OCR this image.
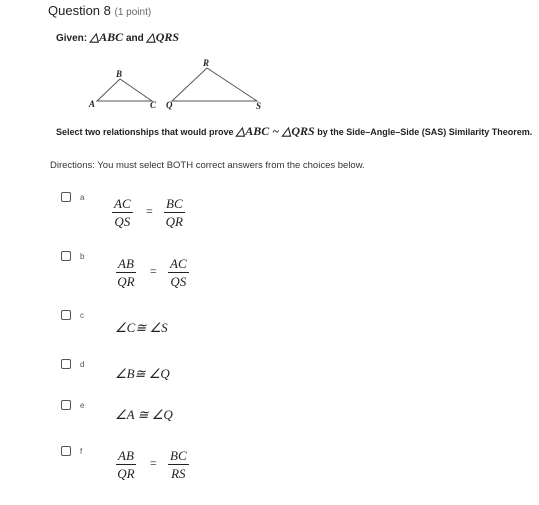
Question 8 (1 point)
Given: △ABC and △QRS
A
B
C Q
R
S
Select two relationships that would prove △ABC ~ △QRS by the Side–Angle–Side (SAS) Similarity Theorem.
Directions: You must select BOTH correct answers from the choices below.
a $\frac{AC}{QS} = \frac{BC}{QR}$
b $\frac{AB}{QR} = \frac{AC}{QS}$
c
∠C≅ ∠S
d
∠B≅ ∠Q
e
∠A ≅ ∠Q
f	$\frac{AB}{QR} = \frac{BC}{RS}$
